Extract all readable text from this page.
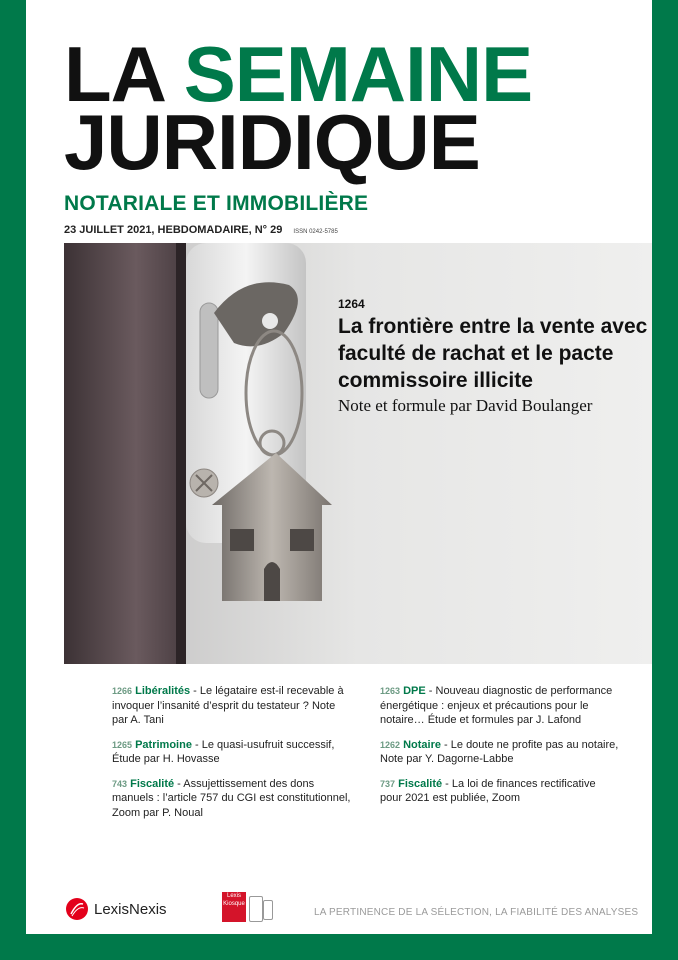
LA SEMAINE
JURIDIQUE
NOTARIALE ET IMMOBILIÈRE
23 JUILLET 2021, HEBDOMADAIRE, N° 29 ISSN 0242-5785
1264
La frontière entre la vente avec faculté de rachat et le pacte commissoire illicite
Note et formule par David Boulanger
1266 Libéralités - Le légataire est-il recevable à invoquer l’insanité d’esprit du testateur ? Note par A. Tani
1265 Patrimoine - Le quasi-usufruit successif, Étude par H. Hovasse
743 Fiscalité - Assujettissement des dons manuels : l’article 757 du CGI est constitutionnel, Zoom par P. Noual
1263 DPE - Nouveau diagnostic de performance énergétique : enjeux et précautions pour le notaire… Étude et formules par J. Lafond
1262 Notaire - Le doute ne profite pas au notaire, Note par Y. Dagorne-Labbe
737 Fiscalité - La loi de finances rectificative pour 2021 est publiée, Zoom
LexisNexis
Lexis Kiosque
LA PERTINENCE DE LA SÉLECTION, LA FIABILITÉ DES ANALYSES
